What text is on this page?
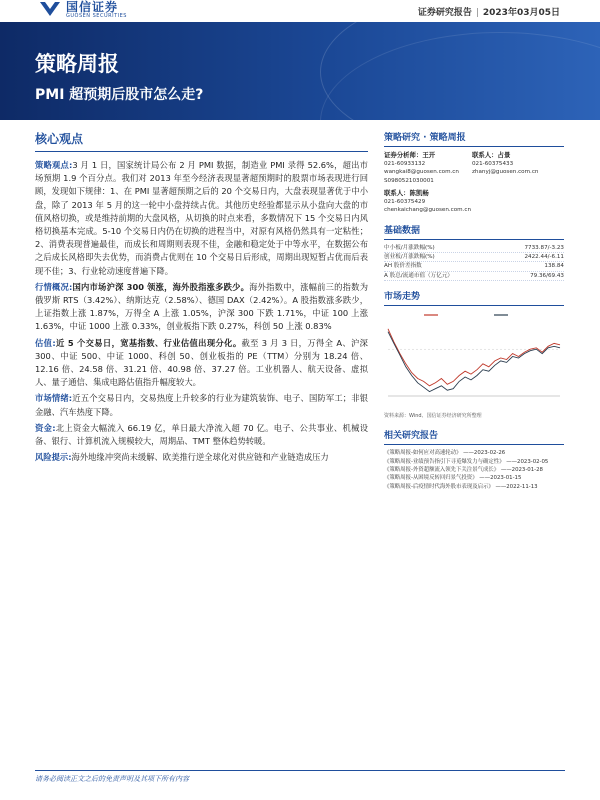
国信证券
GUOSEN SECURITIES	证券研究报告 | 2023年03月05日
策略周报
PMI 超预期后股市怎么走?
核心观点

策略观点:3 月 1 日，国家统计局公布 2 月 PMI 数据，制造业 PMI 录得 52.6%，超出市场预期 1.9 个百分点。我们对 2013 年至今经济表现显著超预期时的股票市场表现进行回顾，发现如下规律：1、在 PMI 显著超预期之后的 20 个交易日内，大盘表现显著优于中小盘，除了 2013 年 5 月的这一轮中小盘持续占优。其他历史经验都显示从小盘向大盘的市值风格切换，或是维持前期的大盘风格，从切换的时点来看，多数情况下 15 个交易日内风格切换基本完成。5-10 个交易日内仍在切换的进程当中，对原有风格仍然具有一定粘性；2、消费表现普遍最佳，而成长和周期则表现不佳，金融和稳定处于中等水平，在数据公布之后成长风格即失去优势，而消费占优则在 10 个交易日后形成，周期出现短暂占优而后表现不佳；3、行业轮动速度普遍下降。

行情概况:国内市场沪深 300 领涨，海外股指涨多跌少。海外指数中，涨幅前三的指数为俄罗斯 RTS（3.42%）、纳斯达克（2.58%）、德国 DAX（2.42%）。A 股指数涨多跌少，上证指数上涨 1.87%，万得全 A 上涨 1.05%，沪深 300 下跌 1.71%，中证 100 上涨 1.63%，中证 1000 上涨 0.33%，创业板指下跌 0.27%，科创 50 上涨 0.83%

估值:近 5 个交易日，宽基指数、行业估值出现分化。截至 3 月 3 日，万得全 A、沪深 300、中证 500、中证 1000、科创 50、创业板指的 PE（TTM）分别为 18.24 倍、12.16 倍、24.58 倍、31.21 倍、40.98 倍、37.27 倍。工业机器人、航天设备、虚拟人、量子通信、集成电路估值指升幅度较大。

市场情绪:近五个交易日内，交易热度上升较多的行业为建筑装饰、电子、国防军工；非银金融、汽车热度下降。

资金:北上资金大幅流入 66.19 亿，单日最大净流入超 70 亿。电子、公共事业、机械设备、银行、计算机流入规模较大，周期品、TMT 整体趋势转暖。

风险提示:海外地缘冲突尚未缓解、欧美推行逆全球化对供应链和产业链造成压力

策略研究 · 策略周报
证券分析师：王开	联系人：占景
021-60933132	021-60375433
wangkai8@guosen.com.cn	zhanyj@guosen.com.cn
S0980521030001
联系人：陈凯畅
021-60375429
chenkaichang@guosen.com.cn
基础数据
中小板/月涨跌幅(%)	7733.87/-3.23
创业板/月涨跌幅(%)	2422.44/-6.11
AH 股价差指数	138.84
A 股总/流通市值（万亿元）	79.36/69.43
市场走势
资料来源：Wind、国信证券经济研究所整理
相关研究报告
《策略周报-如何应对高速轮动》 ——2023-02-26
《策略周报-业绩预告指引下寻觅爆发力与确定性》 ——2023-02-05
《策略周报-外资超额流入领先下关注景气成长》 ——2023-01-28
《策略周报-从困境反转回归景气投资》 ——2023-01-15
《策略周报-后疫情时代海外股市表现及启示》 ——2022-11-13
请务必阅读正文之后的免责声明及其项下所有内容
